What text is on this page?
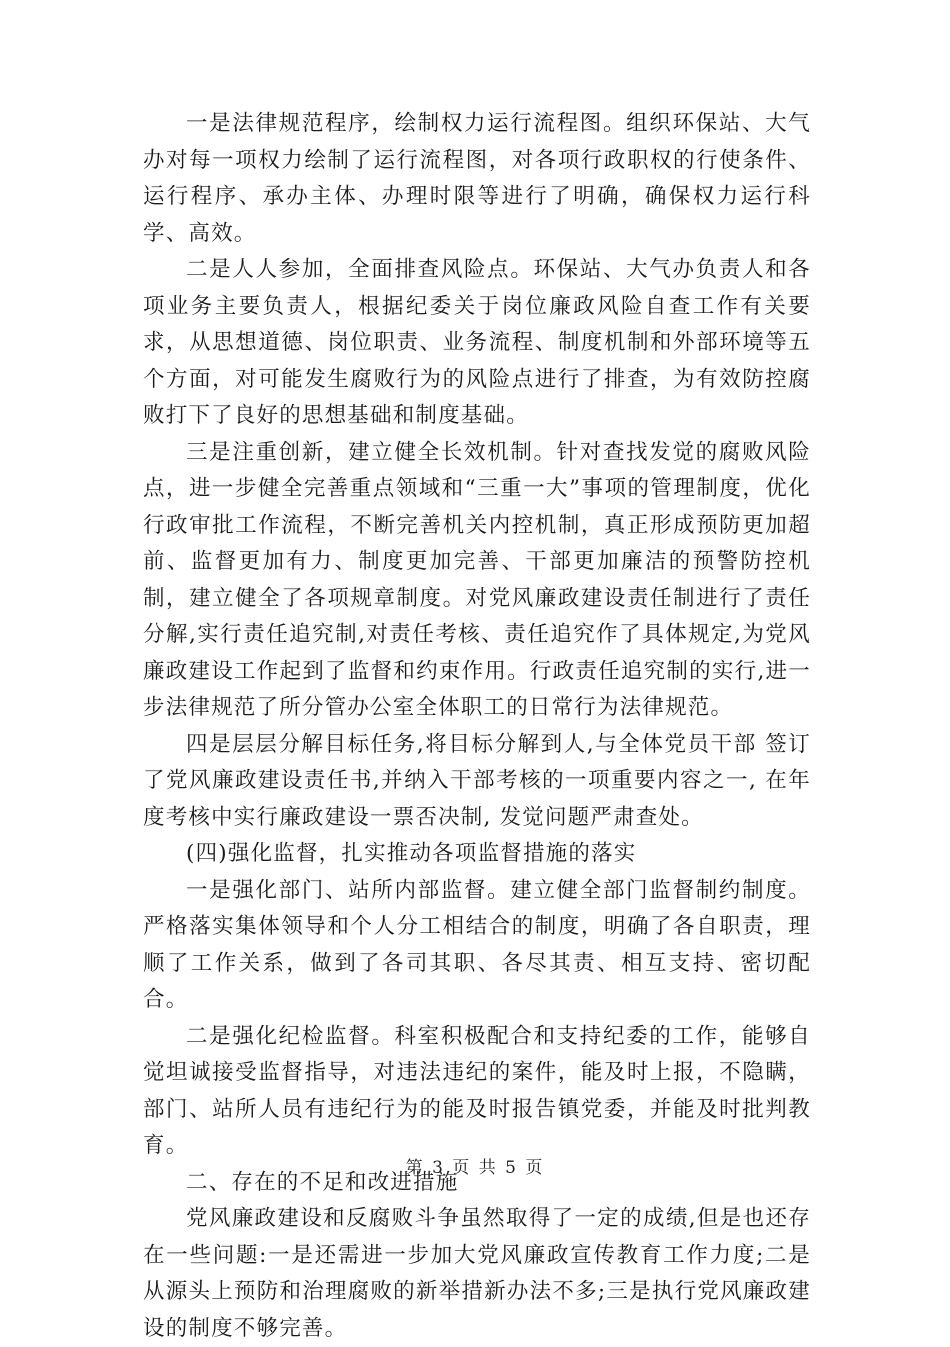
一是法律规范程序，绘制权力运行流程图。组织环保站、大气办对每一项权力绘制了运行流程图，对各项行政职权的行使条件、运行程序、承办主体、办理时限等进行了明确，确保权力运行科学、高效。

二是人人参加，全面排查风险点。环保站、大气办负责人和各项业务主要负责人，根据纪委关于岗位廉政风险自查工作有关要求，从思想道德、岗位职责、业务流程、制度机制和外部环境等五个方面，对可能发生腐败行为的风险点进行了排查，为有效防控腐败打下了良好的思想基础和制度基础。

三是注重创新，建立健全长效机制。针对查找发觉的腐败风险点，进一步健全完善重点领域和“三重一大”事项的管理制度，优化行政审批工作流程，不断完善机关内控机制，真正形成预防更加超前、监督更加有力、制度更加完善、干部更加廉洁的预警防控机制，建立健全了各项规章制度。对党风廉政建设责任制进行了责任分解,实行责任追究制,对责任考核、责任追究作了具体规定,为党风廉政建设工作起到了监督和约束作用。行政责任追究制的实行,进一步法律规范了所分管办公室全体职工的日常行为法律规范。

四是层层分解目标任务,将目标分解到人,与全体党员干部 签订了党风廉政建设责任书,并纳入干部考核的一项重要内容之一, 在年度考核中实行廉政建设一票否决制, 发觉问题严肃查处。

(四)强化监督，扎实推动各项监督措施的落实

一是强化部门、站所内部监督。建立健全部门监督制约制度。严格落实集体领导和个人分工相结合的制度，明确了各自职责，理顺了工作关系，做到了各司其职、各尽其责、相互支持、密切配合。

二是强化纪检监督。科室积极配合和支持纪委的工作，能够自觉坦诚接受监督指导，对违法违纪的案件，能及时上报，不隐瞒，部门、站所人员有违纪行为的能及时报告镇党委，并能及时批判教育。

二、存在的不足和改进措施

党风廉政建设和反腐败斗争虽然取得了一定的成绩,但是也还存在一些问题:一是还需进一步加大党风廉政宣传教育工作力度;二是从源头上预防和治理腐败的新举措新办法不多;三是执行党风廉政建设的制度不够完善。

第 3 页 共 5 页
